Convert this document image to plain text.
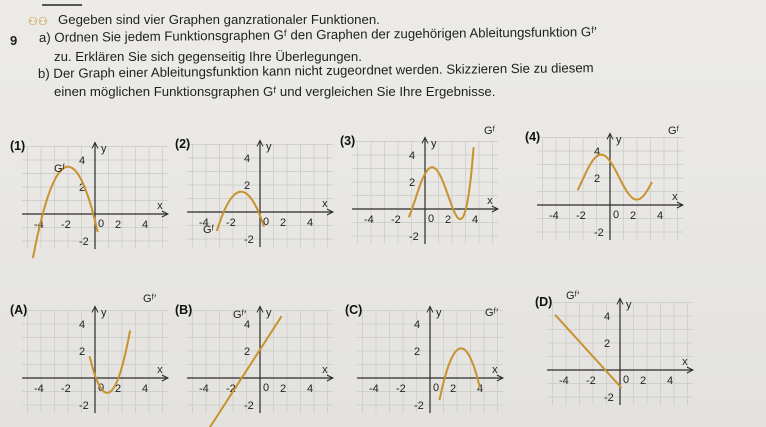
9
⚇⚇ Gegeben sind vier Graphen ganzrationaler Funktionen.
a) Ordnen Sie jedem Funktionsgraphen Gᶠ den Graphen der zugehörigen Ableitungsfunktion Gᶠ′
zu. Erklären Sie sich gegenseitig Ihre Überlegungen.
b) Der Graph einer Ableitungsfunktion kann nicht zugeordnet werden. Skizzieren Sie zu diesem
einen möglichen Funktionsgraphen Gᶠ und vergleichen Sie Ihre Ergebnisse.
-4 -2	2 4
4
2
-2
0
x
y
(1)
Gᶠ
-4 -2	2 4
4
2
-2
0
x
y
(2)
Gᶠ
-4 -2	2 4
4
2
-2
0
x
y
(3)
Gᶠ
-4 -2	2 4
4
2
-2
0
x
y
(4)	Gᶠ
-4 -2	2 4
4
2
-2
0
x
y
(A)
Gᶠ′
-4 -2	2 4
4
2
-2
0
x
y
(B)	Gᶠ′
-4 -2	2 4
4
2
-2
0
x
y
(C)	Gᶠ′
-4 -2	2 4
4
2
-2
0
x
y
(D) Gᶠ′
